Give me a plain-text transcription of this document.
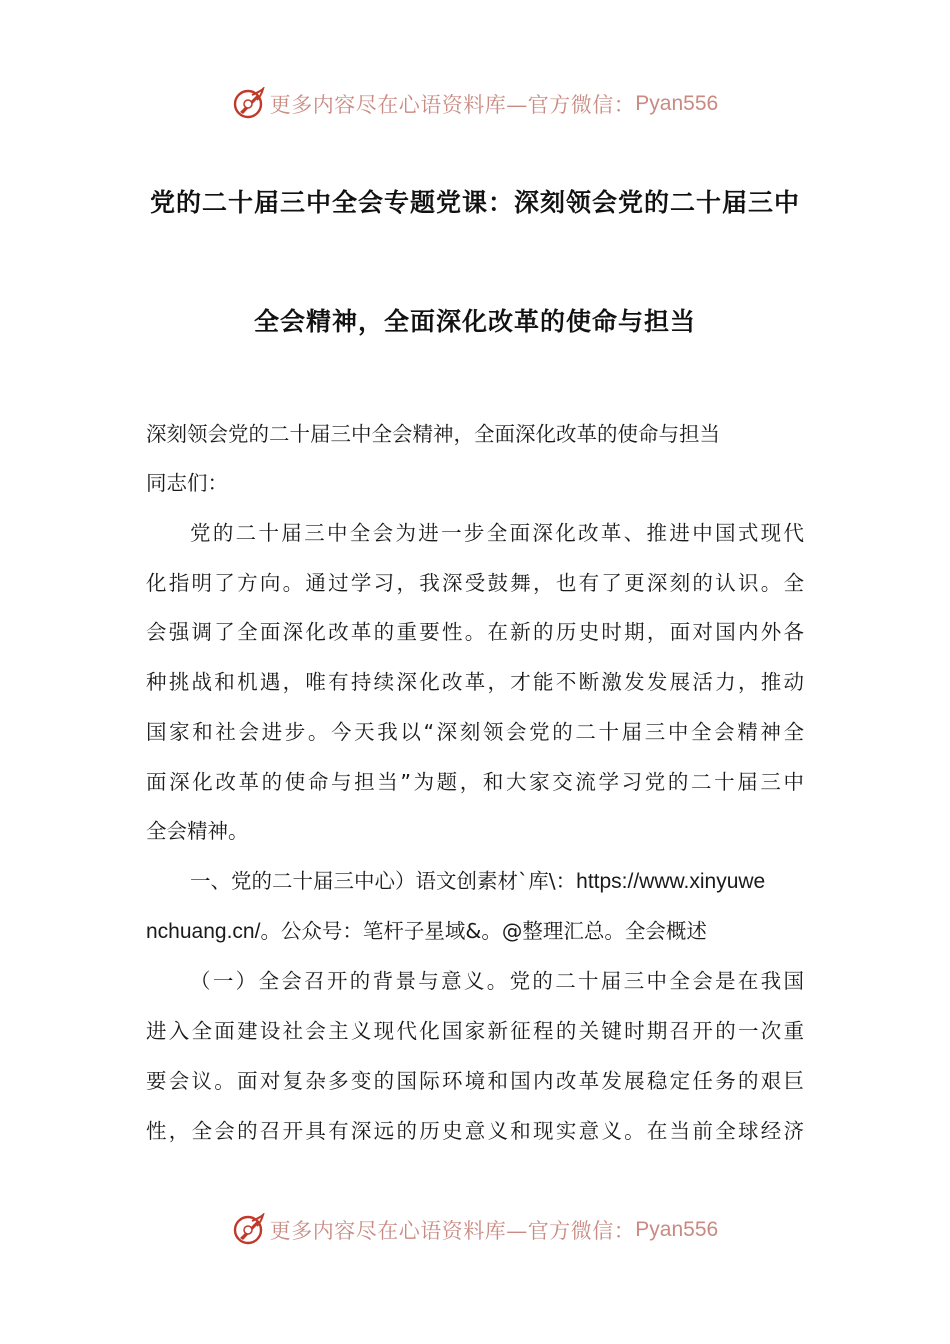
更多内容尽在心语资料库—官方微信： Pyan556
党的二十届三中全会专题党课：深刻领会党的二十届三中
全会精神，全面深化改革的使命与担当
深刻领会党的二十届三中全会精神，全面深化改革的使命与担当
同志们：
党的二十届三中全会为进一步全面深化改革、推进中国式现代
化指明了方向。通过学习，我深受鼓舞，也有了更深刻的认识。全
会强调了全面深化改革的重要性。在新的历史时期，面对国内外各
种挑战和机遇，唯有持续深化改革，才能不断激发发展活力，推动
国家和社会进步。今天我以“深刻领会党的二十届三中全会精神全
面深化改革的使命与担当”为题，和大家交流学习党的二十届三中
全会精神。
一、党的二十届三中心）语文创素材`库\：https://www.xinyuwe
nchuang.cn/。公众号：笔杆子星域&。@整理汇总。全会概述
（一）全会召开的背景与意义。党的二十届三中全会是在我国
进入全面建设社会主义现代化国家新征程的关键时期召开的一次重
要会议。面对复杂多变的国际环境和国内改革发展稳定任务的艰巨
性，全会的召开具有深远的历史意义和现实意义。在当前全球经济
更多内容尽在心语资料库—官方微信： Pyan556
